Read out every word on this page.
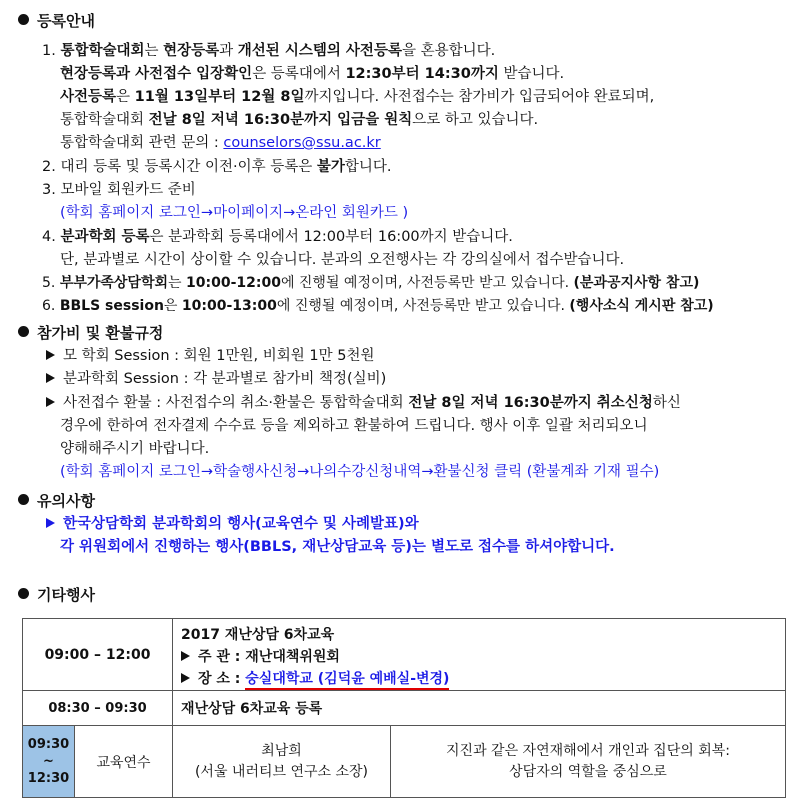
등록안내
1. 통합학술대회는 현장등록과 개선된 시스템의 사전등록을 혼용합니다.
현장등록과 사전접수 입장확인은 등록대에서 12:30부터 14:30까지 받습니다.
사전등록은 11월 13일부터 12월 8일까지입니다. 사전접수는 참가비가 입금되어야 완료되며,
통합학술대회 전날 8일 저녁 16:30분까지 입금을 원칙으로 하고 있습니다.
통합학술대회 관련 문의 : counselors@ssu.ac.kr
2. 대리 등록 및 등록시간 이전·이후 등록은 불가합니다.
3. 모바일 회원카드 준비
(학회 홈페이지 로그인→마이페이지→온라인 회원카드 )
4. 분과학회 등록은 분과학회 등록대에서 12:00부터 16:00까지 받습니다.
단, 분과별로 시간이 상이할 수 있습니다. 분과의 오전행사는 각 강의실에서 접수받습니다.
5. 부부가족상담학회는 10:00-12:00에 진행될 예정이며, 사전등록만 받고 있습니다. (분과공지사항 참고)
6. BBLS session은 10:00-13:00에 진행될 예정이며, 사전등록만 받고 있습니다. (행사소식 게시판 참고)
참가비 및 환불규정
모 학회 Session : 회원 1만원, 비회원 1만 5천원
분과학회 Session : 각 분과별로 참가비 책정(실비)
사전접수 환불 : 사전접수의 취소·환불은 통합학술대회 전날 8일 저녁 16:30분까지 취소신청하신
경우에 한하여 전자결제 수수료 등을 제외하고 환불하여 드립니다. 행사 이후 일괄 처리되오니
양해해주시기 바랍니다.
(학회 홈페이지 로그인→학술행사신청→나의수강신청내역→환불신청 클릭 (환불계좌 기재 필수)
유의사항
한국상담학회 분과학회의 행사(교육연수 및 사례발표)와
각 위원회에서 진행하는 행사(BBLS, 재난상담교육 등)는 별도로 접수를 하셔야합니다.
기타행사
09:00 – 12:00
2017 재난상담 6차교육
주 관 : 재난대책위원회
장 소 : 숭실대학교 (김덕윤 예배실-변경)
08:30 – 09:30	재난상담 6차교육 등록
09:30
~
12:30
교육연수
최남희
(서울 내러티브 연구소 소장)
지진과 같은 자연재해에서 개인과 집단의 회복:
상담자의 역할을 중심으로
